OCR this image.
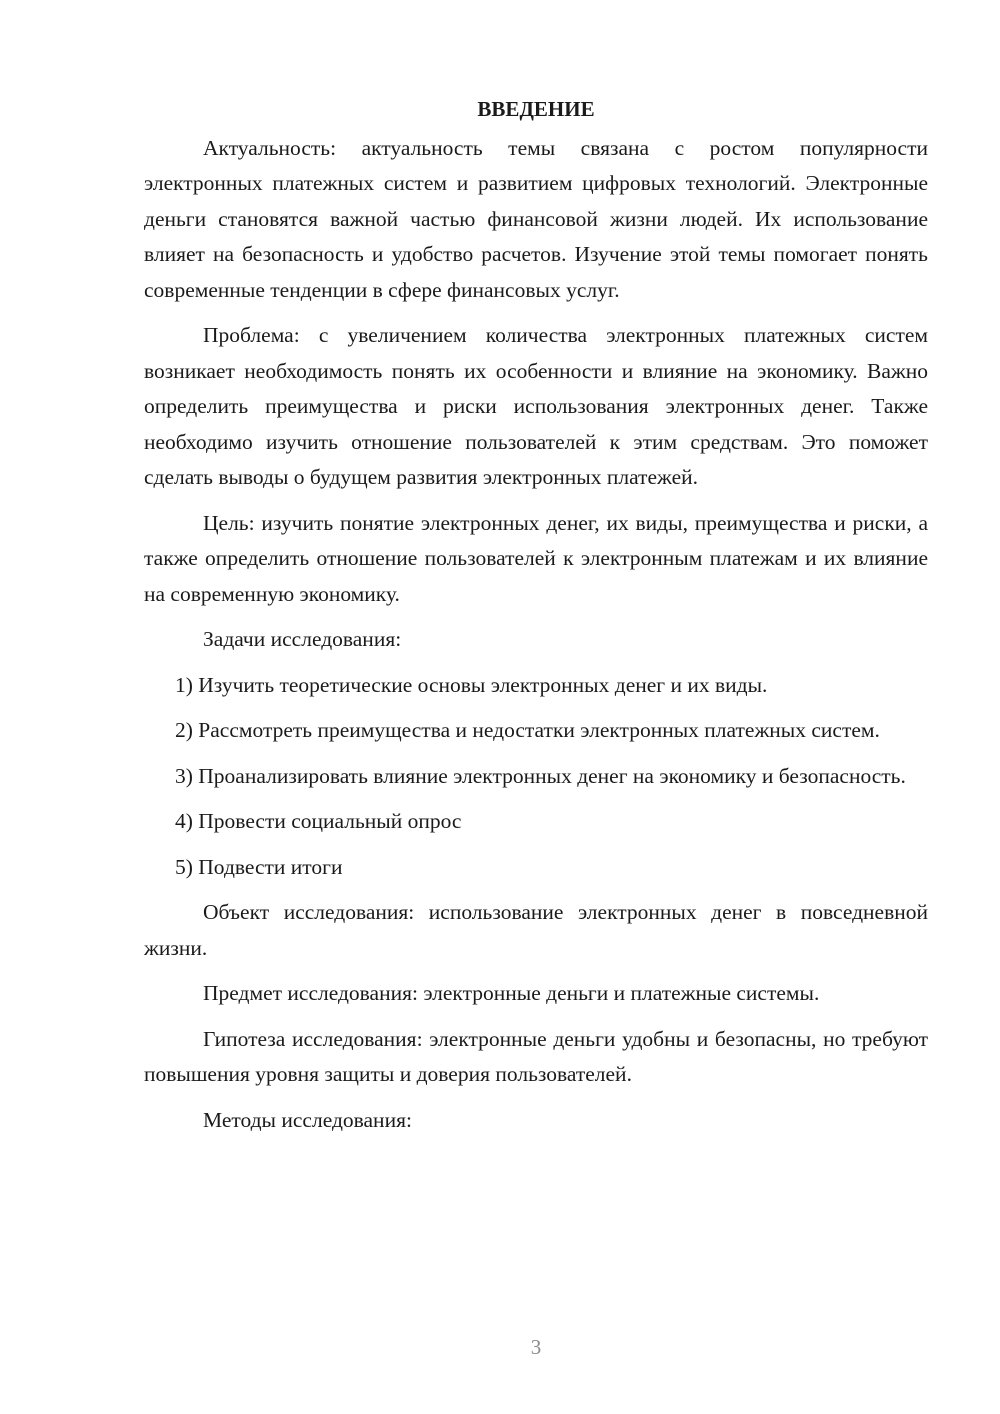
ВВЕДЕНИЕ

Актуальность: актуальность темы связана с ростом популярности электронных платежных систем и развитием цифровых технологий. Электронные деньги становятся важной частью финансовой жизни людей. Их использование влияет на безопасность и удобство расчетов. Изучение этой темы помогает понять современные тенденции в сфере финансовых услуг.

Проблема: с увеличением количества электронных платежных систем возникает необходимость понять их особенности и влияние на экономику. Важно определить преимущества и риски использования электронных денег. Также необходимо изучить отношение пользователей к этим средствам. Это поможет сделать выводы о будущем развития электронных платежей.

Цель: изучить понятие электронных денег, их виды, преимущества и риски, а также определить отношение пользователей к электронным платежам и их влияние на современную экономику.

Задачи исследования:

1) Изучить теоретические основы электронных денег и их виды.

2) Рассмотреть преимущества и недостатки электронных платежных систем.

3) Проанализировать влияние электронных денег на экономику и безопасность.

4) Провести социальный опрос

5) Подвести итоги

Объект исследования: использование электронных денег в повседневной жизни.

Предмет исследования: электронные деньги и платежные системы.

Гипотеза исследования: электронные деньги удобны и безопасны, но требуют повышения уровня защиты и доверия пользователей.

Методы исследования:

3
